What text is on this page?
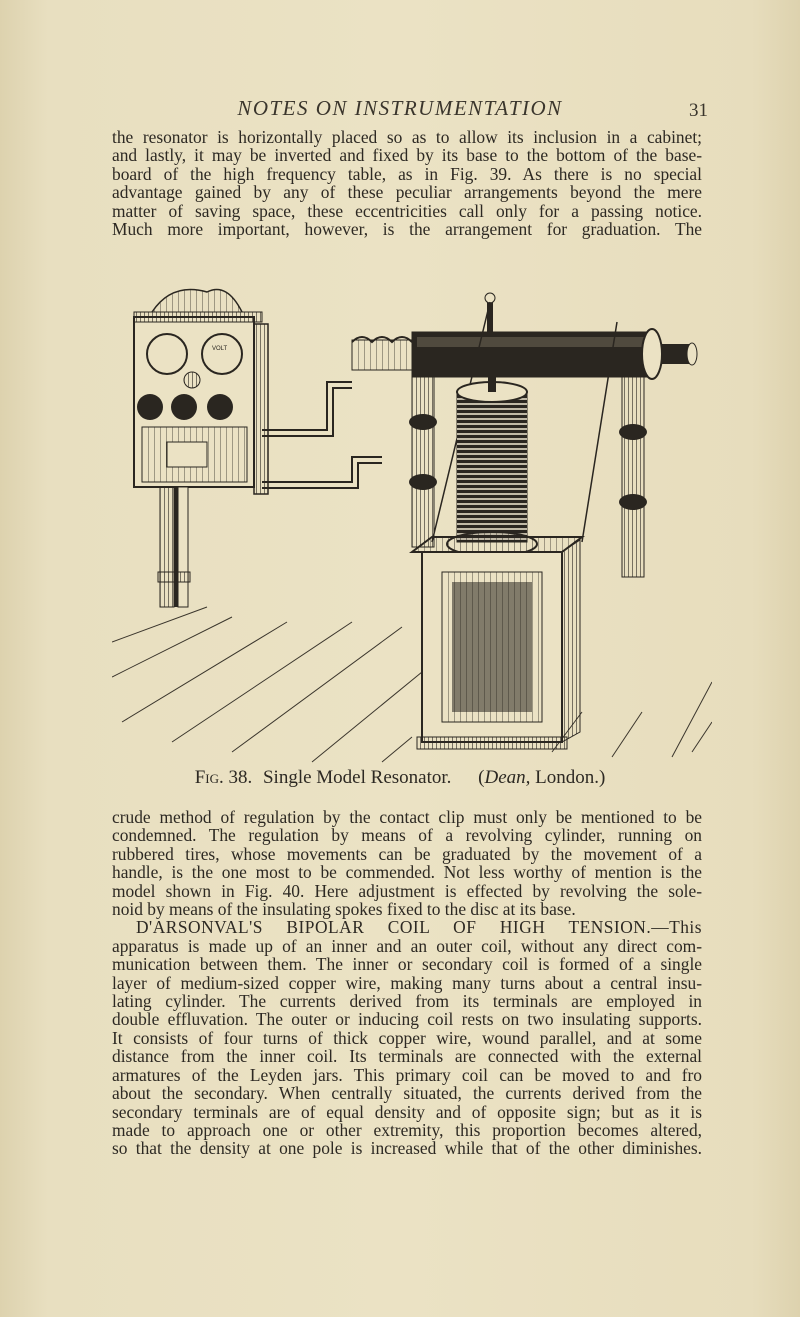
NOTES ON INSTRUMENTATION	31
the resonator is horizontally placed so as to allow its inclusion in a cabinet;
and lastly, it may be inverted and fixed by its base to the bottom of the base-
board of the high frequency table, as in Fig. 39. As there is no special
advantage gained by any of these peculiar arrangements beyond the mere
matter of saving space, these eccentricities call only for a passing notice.
Much more important, however, is the arrangement for graduation. The
VOLT
Fig. 38. Single Model Resonator. (Dean, London.)
crude method of regulation by the contact clip must only be mentioned to be
condemned. The regulation by means of a revolving cylinder, running on
rubbered tires, whose movements can be graduated by the movement of a
handle, is the one most to be commended. Not less worthy of mention is the
model shown in Fig. 40. Here adjustment is effected by revolving the sole-
noid by means of the insulating spokes fixed to the disc at its base.
D'ARSONVAL'S BIPOLAR COIL OF HIGH TENSION.—This
apparatus is made up of an inner and an outer coil, without any direct com-
munication between them. The inner or secondary coil is formed of a single
layer of medium-sized copper wire, making many turns about a central insu-
lating cylinder. The currents derived from its terminals are employed in
double effluvation. The outer or inducing coil rests on two insulating supports.
It consists of four turns of thick copper wire, wound parallel, and at some
distance from the inner coil. Its terminals are connected with the external
armatures of the Leyden jars. This primary coil can be moved to and fro
about the secondary. When centrally situated, the currents derived from the
secondary terminals are of equal density and of opposite sign; but as it is
made to approach one or other extremity, this proportion becomes altered,
so that the density at one pole is increased while that of the other diminishes.
